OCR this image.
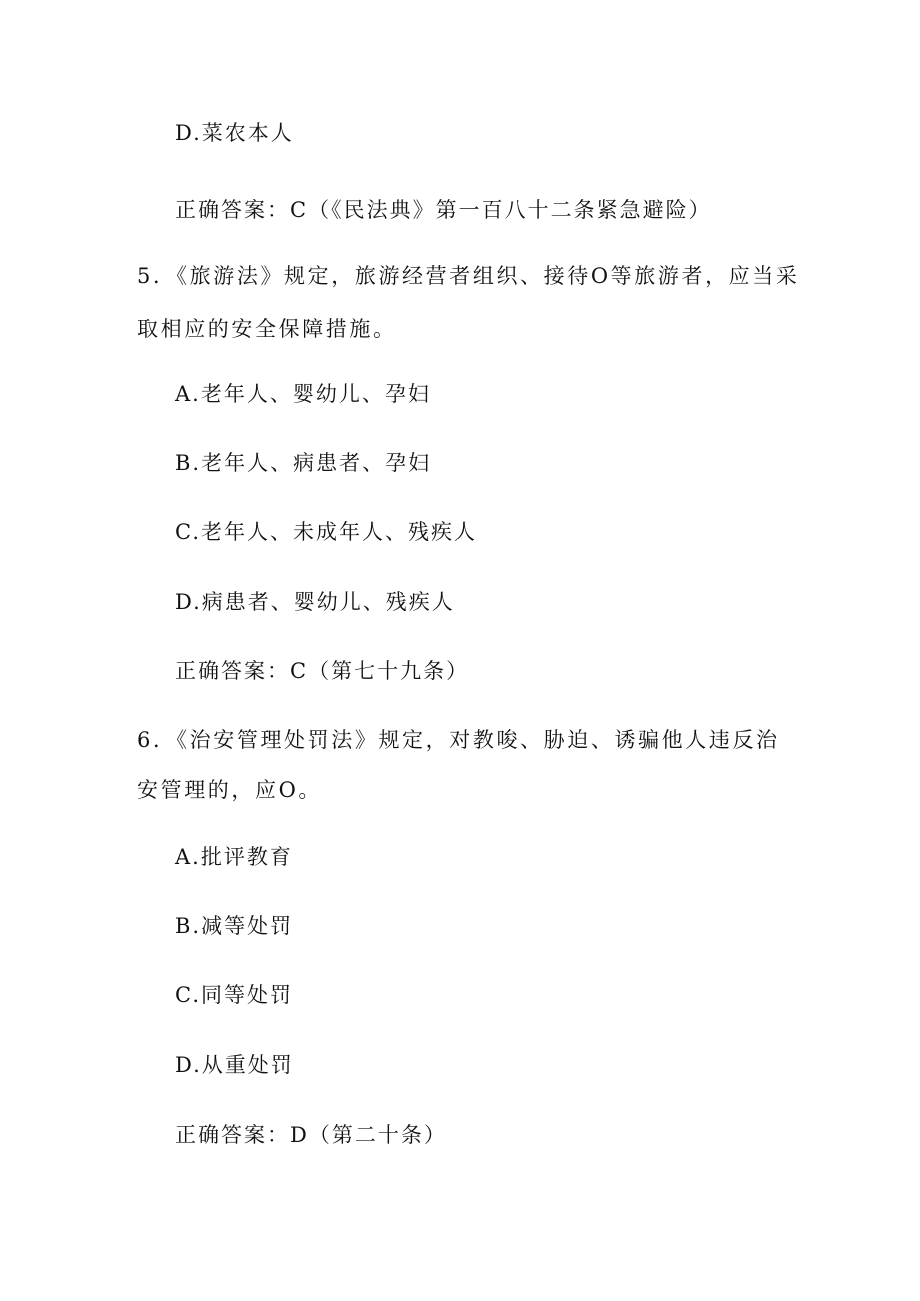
D.菜农本人
正确答案：C（《民法典》第一百八十二条紧急避险）
5．《旅游法》规定，旅游经营者组织、接待O等旅游者，应当采
取相应的安全保障措施。
A.老年人、婴幼儿、孕妇
B.老年人、病患者、孕妇
C.老年人、未成年人、残疾人
D.病患者、婴幼儿、残疾人
正确答案：C（第七十九条）
6．《治安管理处罚法》规定，对教唆、胁迫、诱骗他人违反治
安管理的，应O。
A.批评教育
B.减等处罚
C.同等处罚
D.从重处罚
正确答案：D（第二十条）
